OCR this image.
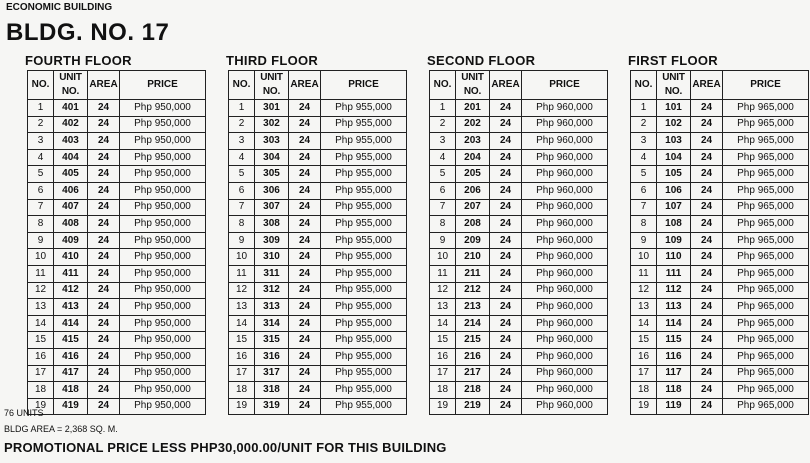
ECONOMIC BUILDING
BLDG. NO. 17
FOURTH FLOOR
NO.	UNIT NO.	AREA	PRICE
1	401	24	Php 950,000
2	402	24	Php 950,000
3	403	24	Php 950,000
4	404	24	Php 950,000
5	405	24	Php 950,000
6	406	24	Php 950,000
7	407	24	Php 950,000
8	408	24	Php 950,000
9	409	24	Php 950,000
10	410	24	Php 950,000
11	411	24	Php 950,000
12	412	24	Php 950,000
13	413	24	Php 950,000
14	414	24	Php 950,000
15	415	24	Php 950,000
16	416	24	Php 950,000
17	417	24	Php 950,000
18	418	24	Php 950,000
19	419	24	Php 950,000
THIRD FLOOR
NO.	UNIT NO.	AREA	PRICE
1	301	24	Php 955,000
2	302	24	Php 955,000
3	303	24	Php 955,000
4	304	24	Php 955,000
5	305	24	Php 955,000
6	306	24	Php 955,000
7	307	24	Php 955,000
8	308	24	Php 955,000
9	309	24	Php 955,000
10	310	24	Php 955,000
11	311	24	Php 955,000
12	312	24	Php 955,000
13	313	24	Php 955,000
14	314	24	Php 955,000
15	315	24	Php 955,000
16	316	24	Php 955,000
17	317	24	Php 955,000
18	318	24	Php 955,000
19	319	24	Php 955,000
SECOND FLOOR
NO.	UNIT NO.	AREA	PRICE
1	201	24	Php 960,000
2	202	24	Php 960,000
3	203	24	Php 960,000
4	204	24	Php 960,000
5	205	24	Php 960,000
6	206	24	Php 960,000
7	207	24	Php 960,000
8	208	24	Php 960,000
9	209	24	Php 960,000
10	210	24	Php 960,000
11	211	24	Php 960,000
12	212	24	Php 960,000
13	213	24	Php 960,000
14	214	24	Php 960,000
15	215	24	Php 960,000
16	216	24	Php 960,000
17	217	24	Php 960,000
18	218	24	Php 960,000
19	219	24	Php 960,000
FIRST FLOOR
NO.	UNIT NO.	AREA	PRICE
1	101	24	Php 965,000
2	102	24	Php 965,000
3	103	24	Php 965,000
4	104	24	Php 965,000
5	105	24	Php 965,000
6	106	24	Php 965,000
7	107	24	Php 965,000
8	108	24	Php 965,000
9	109	24	Php 965,000
10	110	24	Php 965,000
11	111	24	Php 965,000
12	112	24	Php 965,000
13	113	24	Php 965,000
14	114	24	Php 965,000
15	115	24	Php 965,000
16	116	24	Php 965,000
17	117	24	Php 965,000
18	118	24	Php 965,000
19	119	24	Php 965,000
76 UNITS
BLDG AREA = 2,368 SQ. M.
PROMOTIONAL PRICE LESS PHP30,000.00/UNIT FOR THIS BUILDING
